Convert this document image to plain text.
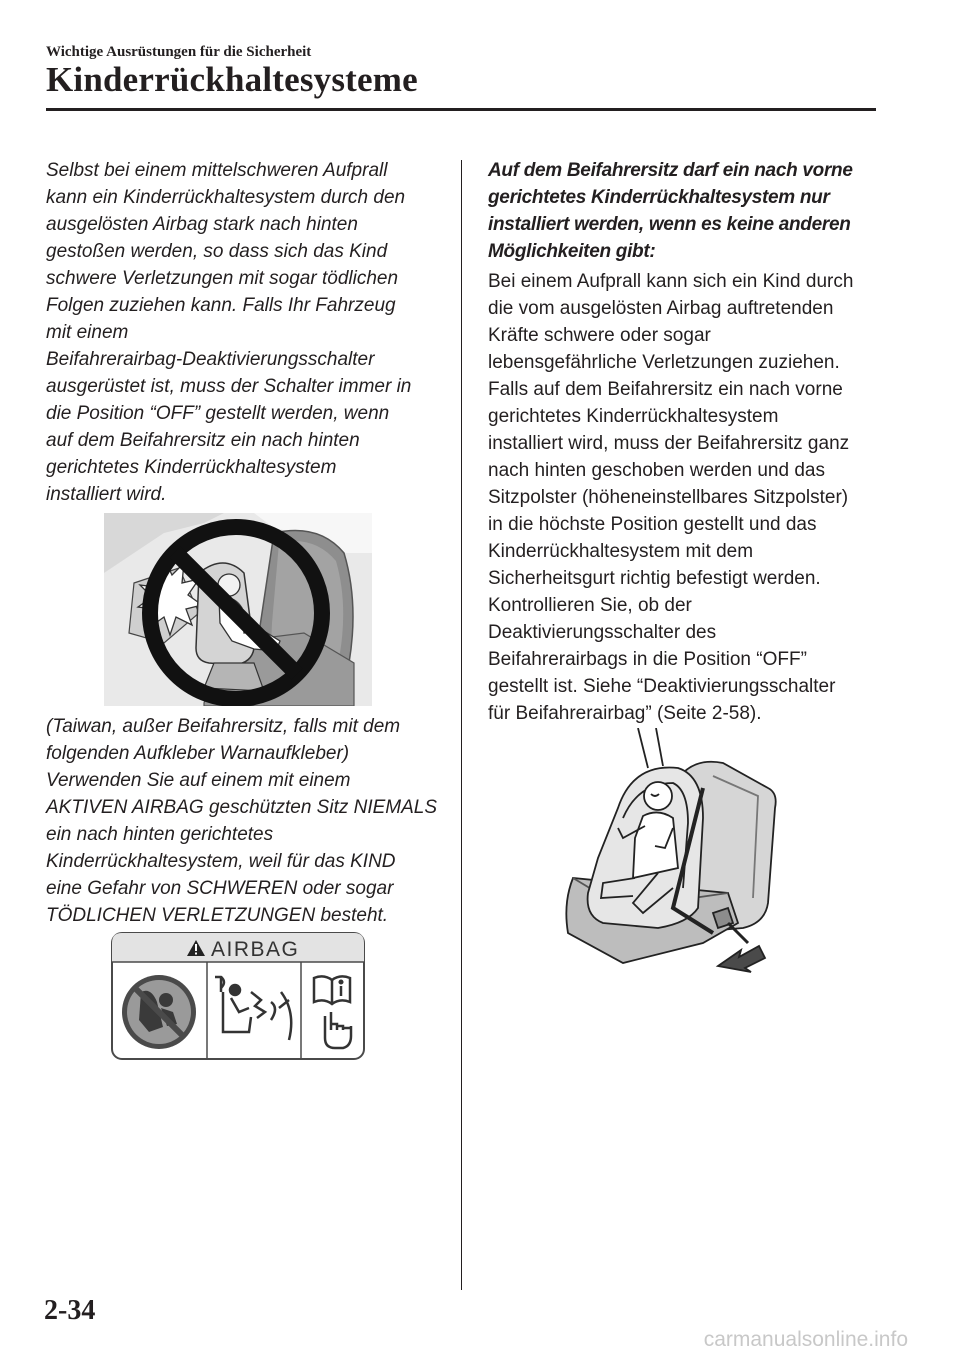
Wichtige Ausrüstungen für die Sicherheit
Kinderrückhaltesysteme
Selbst bei einem mittelschweren Aufprall
kann ein Kinderrückhaltesystem durch den
ausgelösten Airbag stark nach hinten
gestoßen werden, so dass sich das Kind
schwere Verletzungen mit sogar tödlichen
Folgen zuziehen kann. Falls Ihr Fahrzeug
mit einem
Beifahrerairbag-Deaktivierungsschalter
ausgerüstet ist, muss der Schalter immer in
die Position “OFF” gestellt werden, wenn
auf dem Beifahrersitz ein nach hinten
gerichtetes Kinderrückhaltesystem
installiert wird.
(Taiwan, außer Beifahrersitz, falls mit dem
folgenden Aufkleber Warnaufkleber)
Verwenden Sie auf einem mit einem
AKTIVEN AIRBAG geschützten Sitz NIEMALS
ein nach hinten gerichtetes
Kinderrückhaltesystem, weil für das KIND
eine Gefahr von SCHWEREN oder sogar
TÖDLICHEN VERLETZUNGEN besteht.
AIRBAG
Auf dem Beifahrersitz darf ein nach vorne
gerichtetes Kinderrückhaltesystem nur
installiert werden, wenn es keine anderen
Möglichkeiten gibt:
Bei einem Aufprall kann sich ein Kind durch
die vom ausgelösten Airbag auftretenden
Kräfte schwere oder sogar
lebensgefährliche Verletzungen zuziehen.
Falls auf dem Beifahrersitz ein nach vorne
gerichtetes Kinderrückhaltesystem
installiert wird, muss der Beifahrersitz ganz
nach hinten geschoben werden und das
Sitzpolster (höheneinstellbares Sitzpolster)
in die höchste Position gestellt und das
Kinderrückhaltesystem mit dem
Sicherheitsgurt richtig befestigt werden.
Kontrollieren Sie, ob der
Deaktivierungsschalter des
Beifahrerairbags in die Position “OFF”
gestellt ist. Siehe “Deaktivierungsschalter
für Beifahrerairbag” (Seite 2-58).
2-34
carmanualsonline.info
